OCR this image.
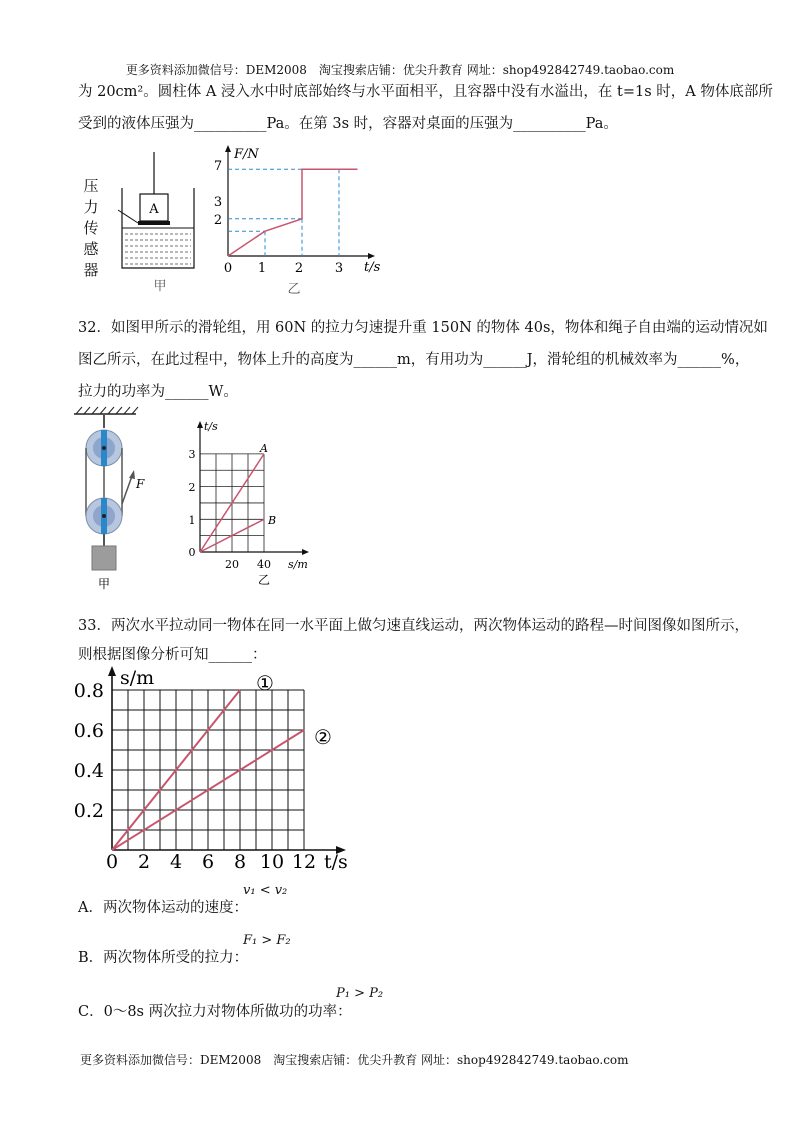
更多资料添加微信号：DEM2008　淘宝搜索店铺：优尖升教育 网址：shop492842749.taobao.com
为 20cm²。圆柱体 A 浸入水中时底部始终与水平面相平，且容器中没有水溢出，在 t=1s 时，A 物体底部所
受到的液体压强为__________Pa。在第 3s 时，容器对桌面的压强为__________Pa。
A
甲
压
力
传
感
器
F/N
t/s
7
3
2
0 1 2 3
乙
32．如图甲所示的滑轮组，用 60N 的拉力匀速提升重 150N 的物体 40s，物体和绳子自由端的运动情况如
图乙所示，在此过程中，物体上升的高度为______m，有用功为______J，滑轮组的机械效率为______%，
拉力的功率为______W。
F
甲
t/s
s/m
A
B
3
2
1
0
20 40
乙
33．两次水平拉动同一物体在同一水平面上做匀速直线运动，两次物体运动的路程—时间图像如图所示，
则根据图像分析可知______：
s/m
t/s
0.2
0.4
0.6
0.8
0 2 4 6 8 10 12
①
②
A．两次物体运动的速度：
v₁ < v₂
B．两次物体所受的拉力：
F₁ > F₂
C．0～8s 两次拉力对物体所做功的功率：
P₁ > P₂
更多资料添加微信号：DEM2008　淘宝搜索店铺：优尖升教育 网址：shop492842749.taobao.com
